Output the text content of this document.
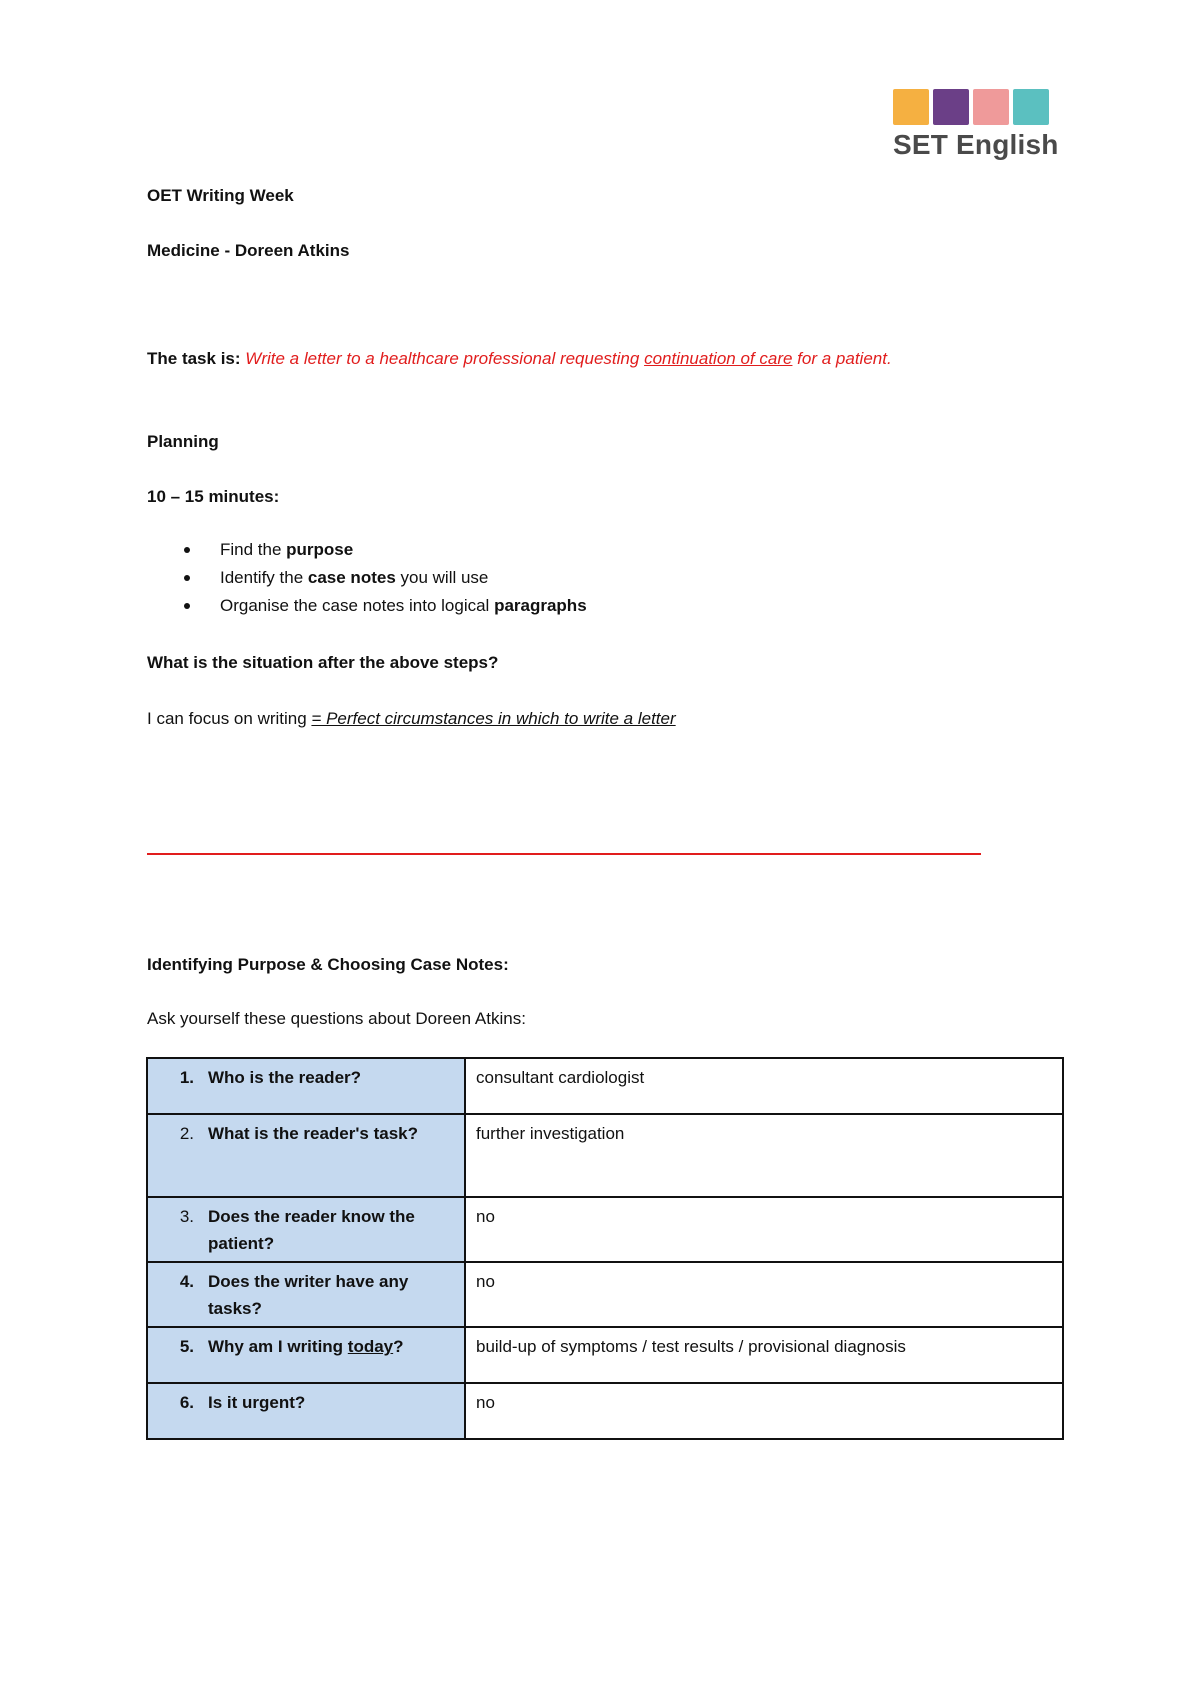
SET English
OET Writing Week
Medicine - Doreen Atkins
The task is: Write a letter to a healthcare professional requesting continuation of care for a patient.
Planning
10 – 15 minutes:
Find the purpose
Identify the case notes you will use
Organise the case notes into logical paragraphs
What is the situation after the above steps?
I can focus on writing = Perfect circumstances in which to write a letter
Identifying Purpose & Choosing Case Notes:
Ask yourself these questions about Doreen Atkins:
1. Who is the reader?	consultant cardiologist

2. What is the reader's task?	further investigation

3. Does the reader know the patient?	no

4. Does the writer have any tasks?	no

5. Why am I writing today?	build-up of symptoms / test results / provisional diagnosis

6. Is it urgent?	no
